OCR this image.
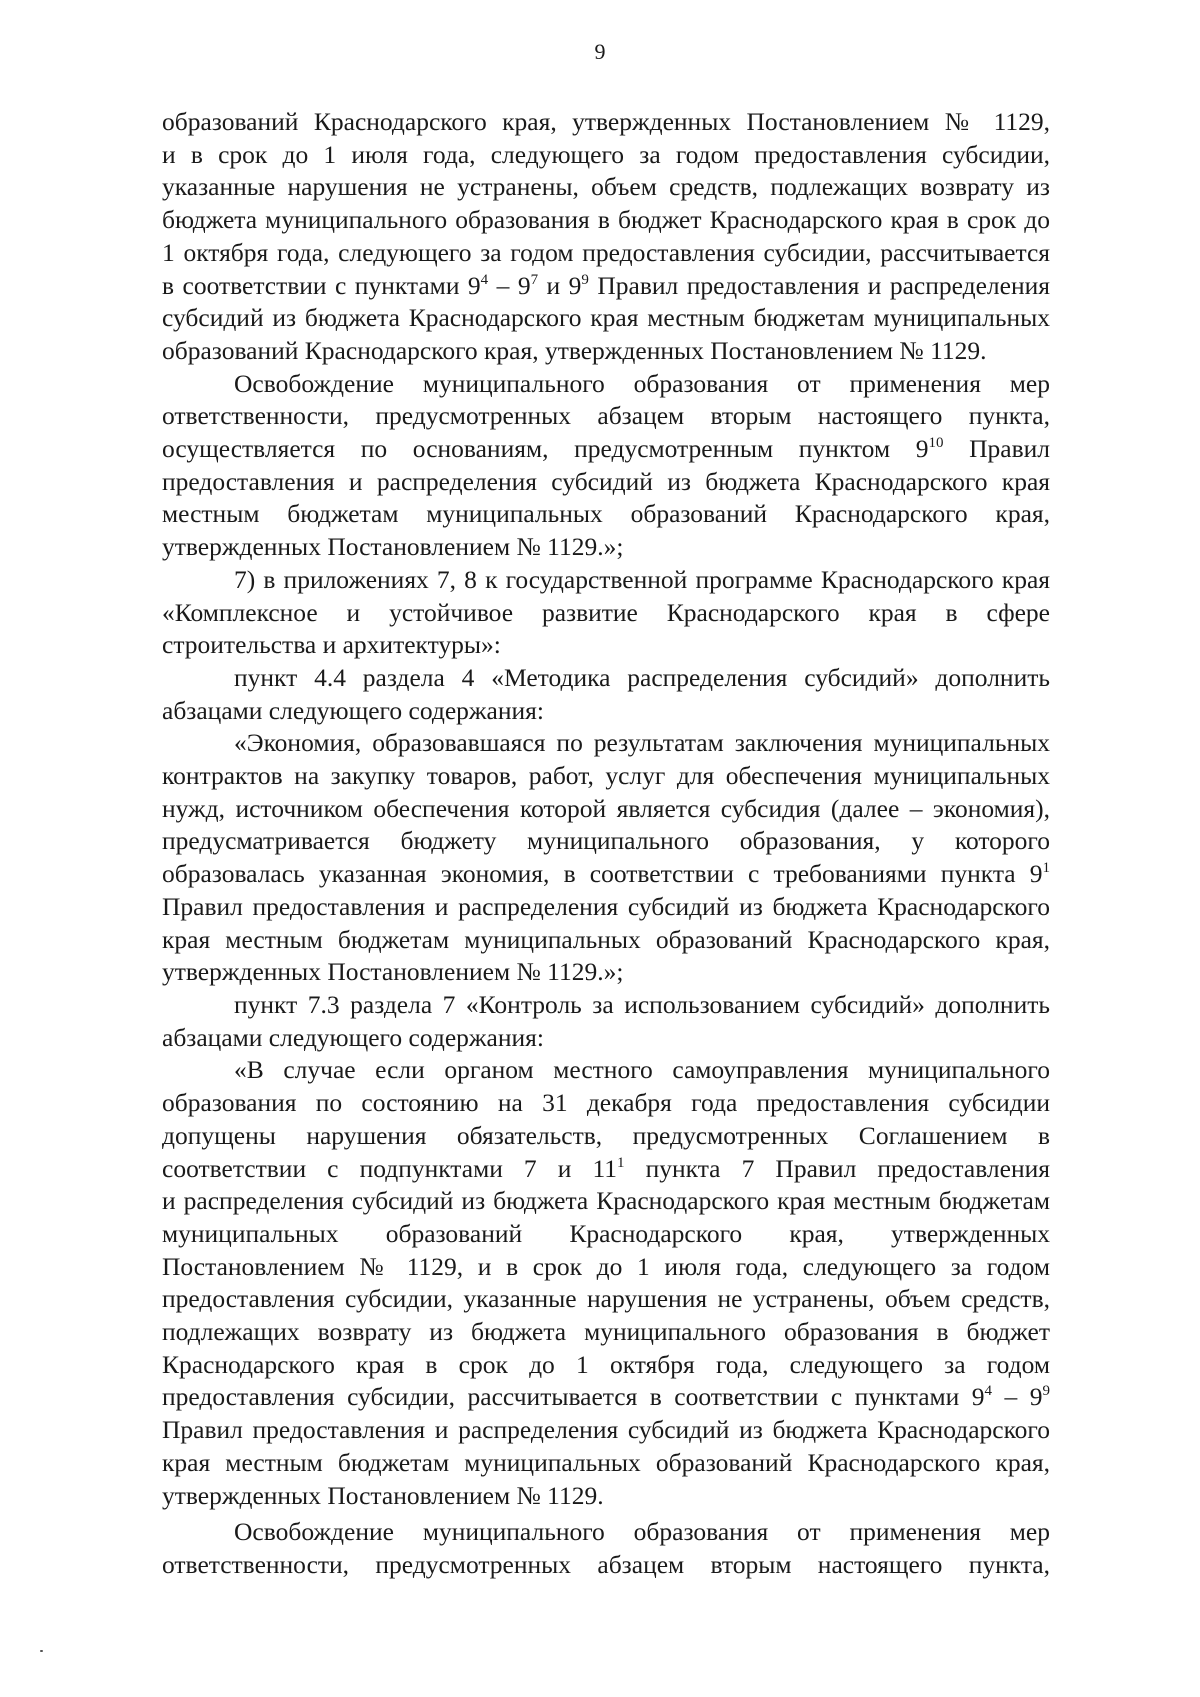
9
образований Краснодарского края, утвержденных Постановлением № 1129,
и в срок до 1 июля года, следующего за годом предоставления субсидии,
указанные нарушения не устранены, объем средств, подлежащих возврату из
бюджета муниципального образования в бюджет Краснодарского края в срок до
1 октября года, следующего за годом предоставления субсидии, рассчитывается
в соответствии с пунктами $9^4 - 9^7$ и $9^9$ Правил предоставления и распределения
субсидий из бюджета Краснодарского края местным бюджетам муниципальных
образований Краснодарского края, утвержденных Постановлением № 1129.
Освобождение муниципального образования от применения мер
ответственности, предусмотренных абзацем вторым настоящего пункта,
осуществляется по основаниям, предусмотренным пунктом $9^{10}$ Правил
предоставления и распределения субсидий из бюджета Краснодарского края
местным бюджетам муниципальных образований Краснодарского края,
утвержденных Постановлением № 1129.»;
7) в приложениях 7, 8 к государственной программе Краснодарского края
«Комплексное и устойчивое развитие Краснодарского края в сфере
строительства и архитектуры»:
пункт 4.4 раздела 4 «Методика распределения субсидий» дополнить
абзацами следующего содержания:
«Экономия, образовавшаяся по результатам заключения муниципальных
контрактов на закупку товаров, работ, услуг для обеспечения муниципальных
нужд, источником обеспечения которой является субсидия (далее – экономия),
предусматривается бюджету муниципального образования, у которого
образовалась указанная экономия, в соответствии с требованиями пункта $9^1$
Правил предоставления и распределения субсидий из бюджета Краснодарского
края местным бюджетам муниципальных образований Краснодарского края,
утвержденных Постановлением № 1129.»;
пункт 7.3 раздела 7 «Контроль за использованием субсидий» дополнить
абзацами следующего содержания:
«В случае если органом местного самоуправления муниципального
образования по состоянию на 31 декабря года предоставления субсидии
допущены нарушения обязательств, предусмотренных Соглашением в
соответствии с подпунктами 7 и $11^1$ пункта 7 Правил предоставления
и распределения субсидий из бюджета Краснодарского края местным бюджетам
муниципальных образований Краснодарского края, утвержденных
Постановлением № 1129, и в срок до 1 июля года, следующего за годом
предоставления субсидии, указанные нарушения не устранены, объем средств,
подлежащих возврату из бюджета муниципального образования в бюджет
Краснодарского края в срок до 1 октября года, следующего за годом
предоставления субсидии, рассчитывается в соответствии с пунктами $9^4 - 9^9$
Правил предоставления и распределения субсидий из бюджета Краснодарского
края местным бюджетам муниципальных образований Краснодарского края,
утвержденных Постановлением № 1129.
Освобождение муниципального образования от применения мер
ответственности, предусмотренных абзацем вторым настоящего пункта,
